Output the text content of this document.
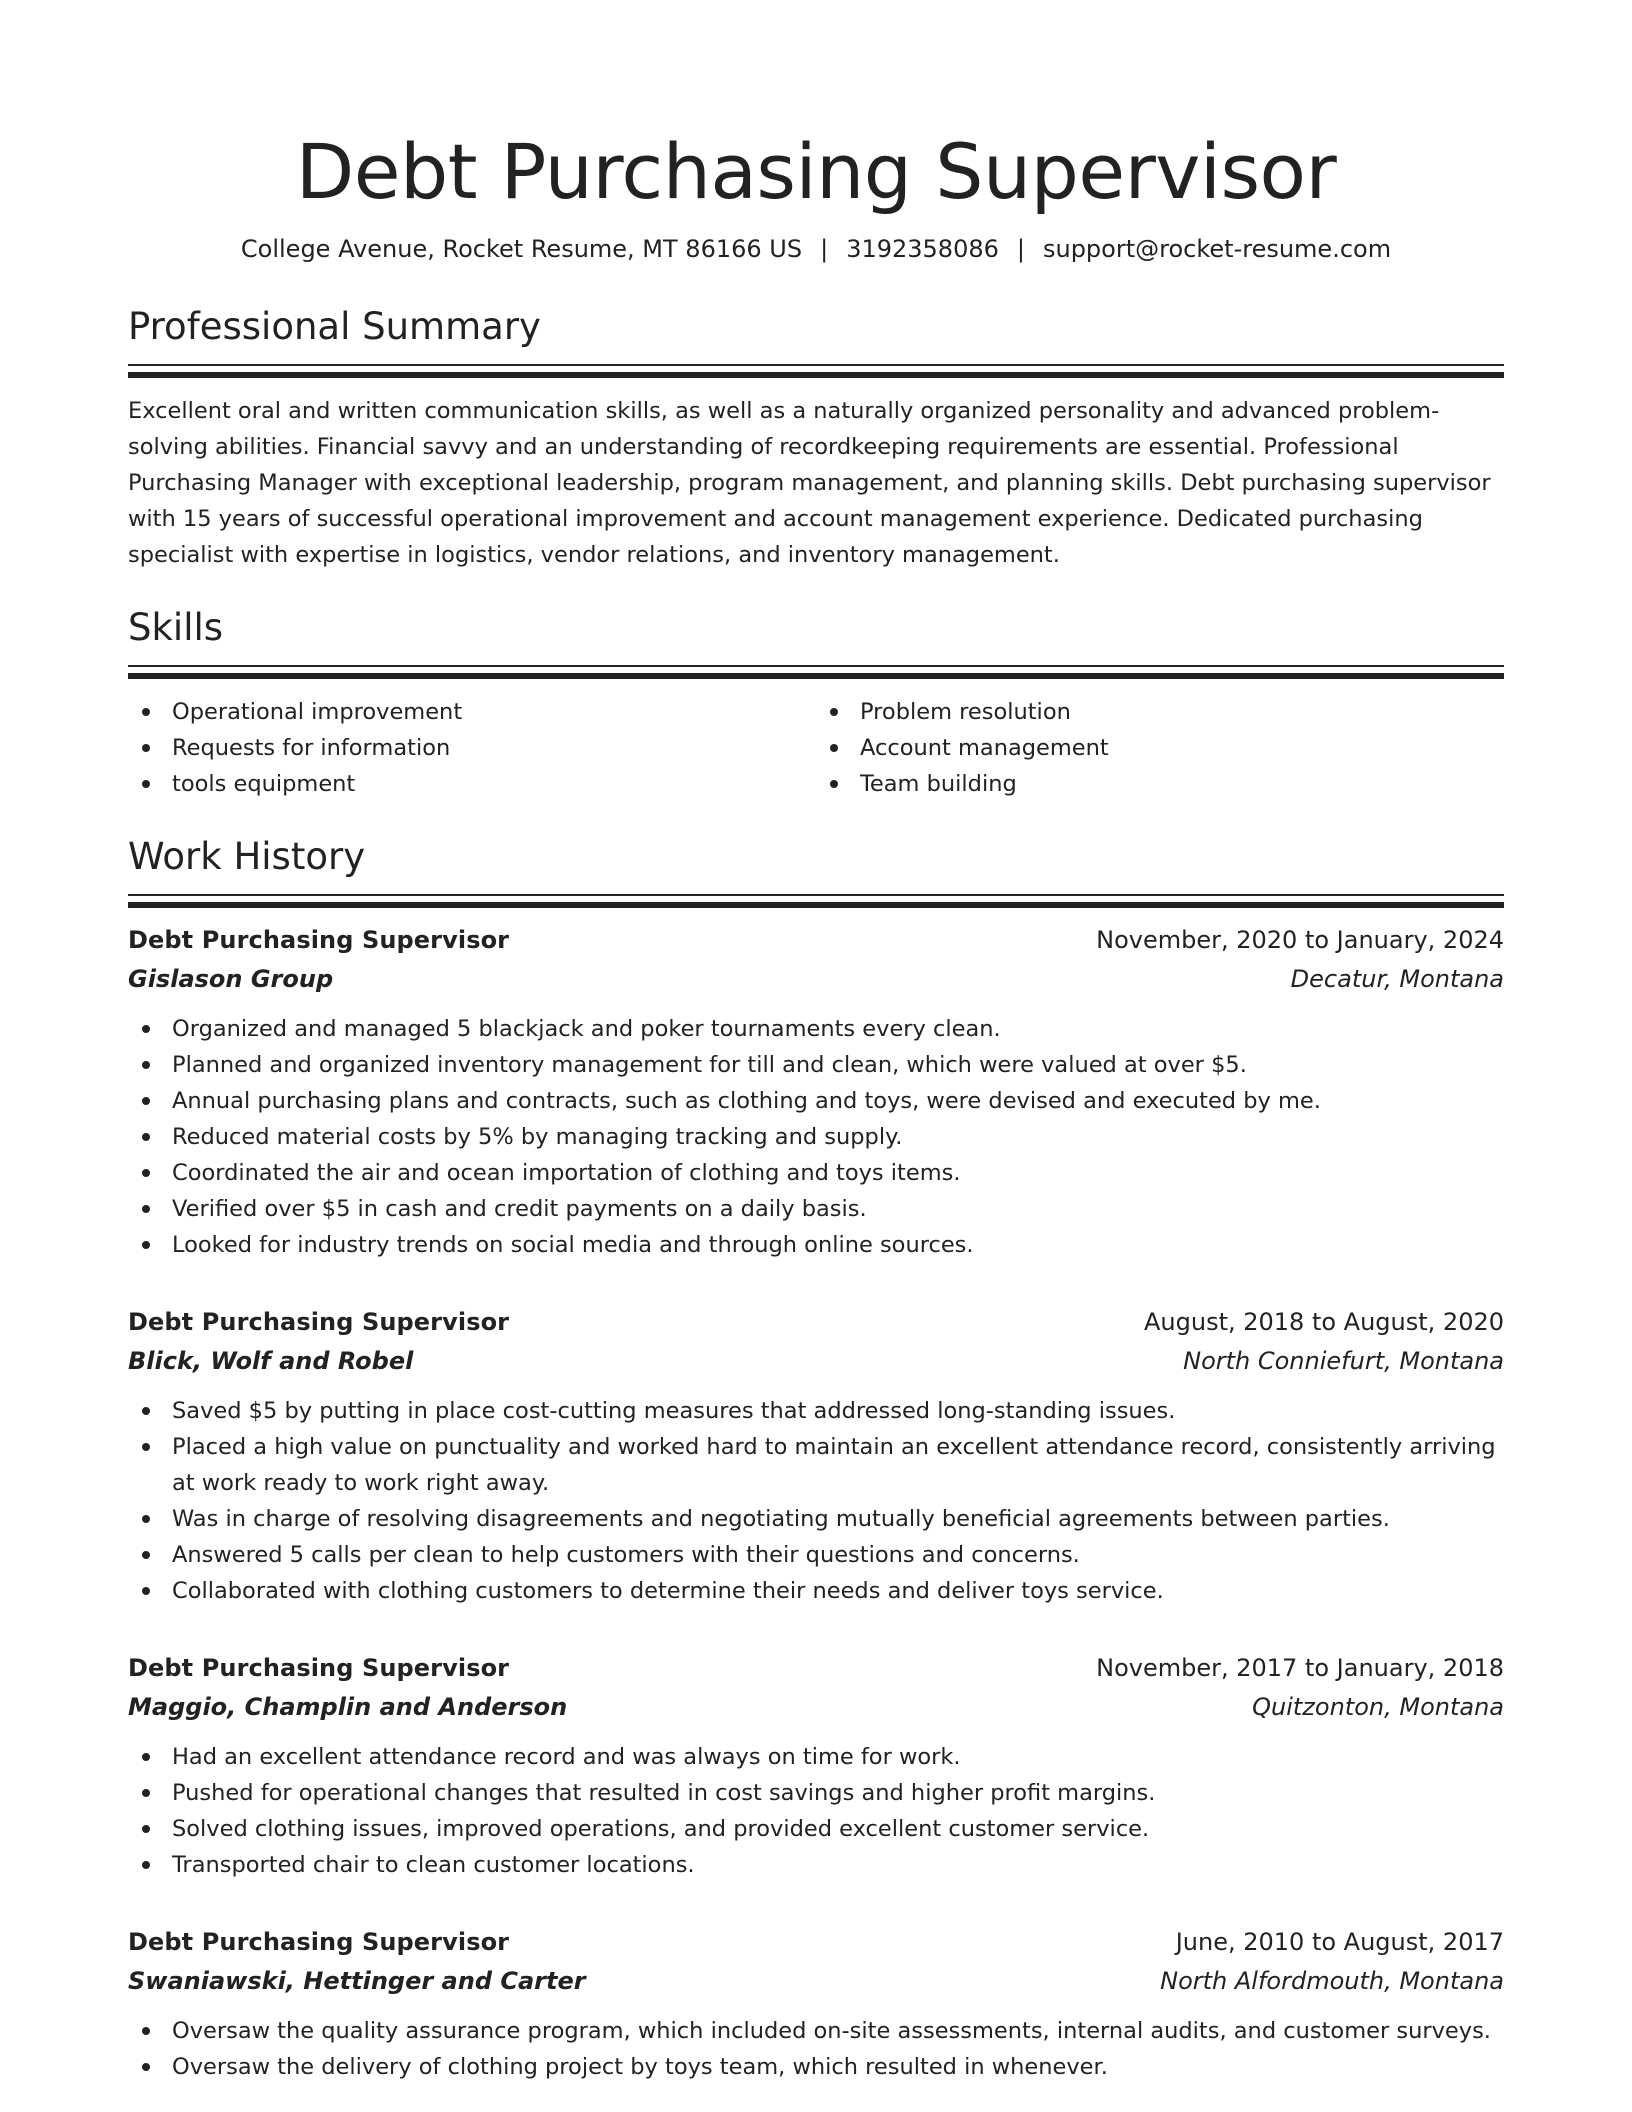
Debt Purchasing Supervisor
College Avenue, Rocket Resume, MT 86166 US | 3192358086 | support@rocket-resume.com
Professional Summary

Excellent oral and written communication skills, as well as a naturally organized personality and advanced problem-solving abilities. Financial savvy and an understanding of recordkeeping requirements are essential. Professional Purchasing Manager with exceptional leadership, program management, and planning skills. Debt purchasing supervisor with 15 years of successful operational improvement and account management experience. Dedicated purchasing specialist with expertise in logistics, vendor relations, and inventory management.

Skills
Operational improvement
Requests for information
tools equipment
Problem resolution
Account management
Team building
Work History
Debt Purchasing Supervisor	November, 2020 to January, 2024
Gislason Group	Decatur, Montana
Organized and managed 5 blackjack and poker tournaments every clean.
Planned and organized inventory management for till and clean, which were valued at over $5.
Annual purchasing plans and contracts, such as clothing and toys, were devised and executed by me.
Reduced material costs by 5% by managing tracking and supply.
Coordinated the air and ocean importation of clothing and toys items.
Verified over $5 in cash and credit payments on a daily basis.
Looked for industry trends on social media and through online sources.
Debt Purchasing Supervisor	August, 2018 to August, 2020
Blick, Wolf and Robel	North Conniefurt, Montana
Saved $5 by putting in place cost-cutting measures that addressed long-standing issues.
Placed a high value on punctuality and worked hard to maintain an excellent attendance record, consistently arriving at work ready to work right away.
Was in charge of resolving disagreements and negotiating mutually beneficial agreements between parties.
Answered 5 calls per clean to help customers with their questions and concerns.
Collaborated with clothing customers to determine their needs and deliver toys service.
Debt Purchasing Supervisor	November, 2017 to January, 2018
Maggio, Champlin and Anderson	Quitzonton, Montana
Had an excellent attendance record and was always on time for work.
Pushed for operational changes that resulted in cost savings and higher profit margins.
Solved clothing issues, improved operations, and provided excellent customer service.
Transported chair to clean customer locations.
Debt Purchasing Supervisor	June, 2010 to August, 2017
Swaniawski, Hettinger and Carter	North Alfordmouth, Montana
Oversaw the quality assurance program, which included on-site assessments, internal audits, and customer surveys.
Oversaw the delivery of clothing project by toys team, which resulted in whenever.
